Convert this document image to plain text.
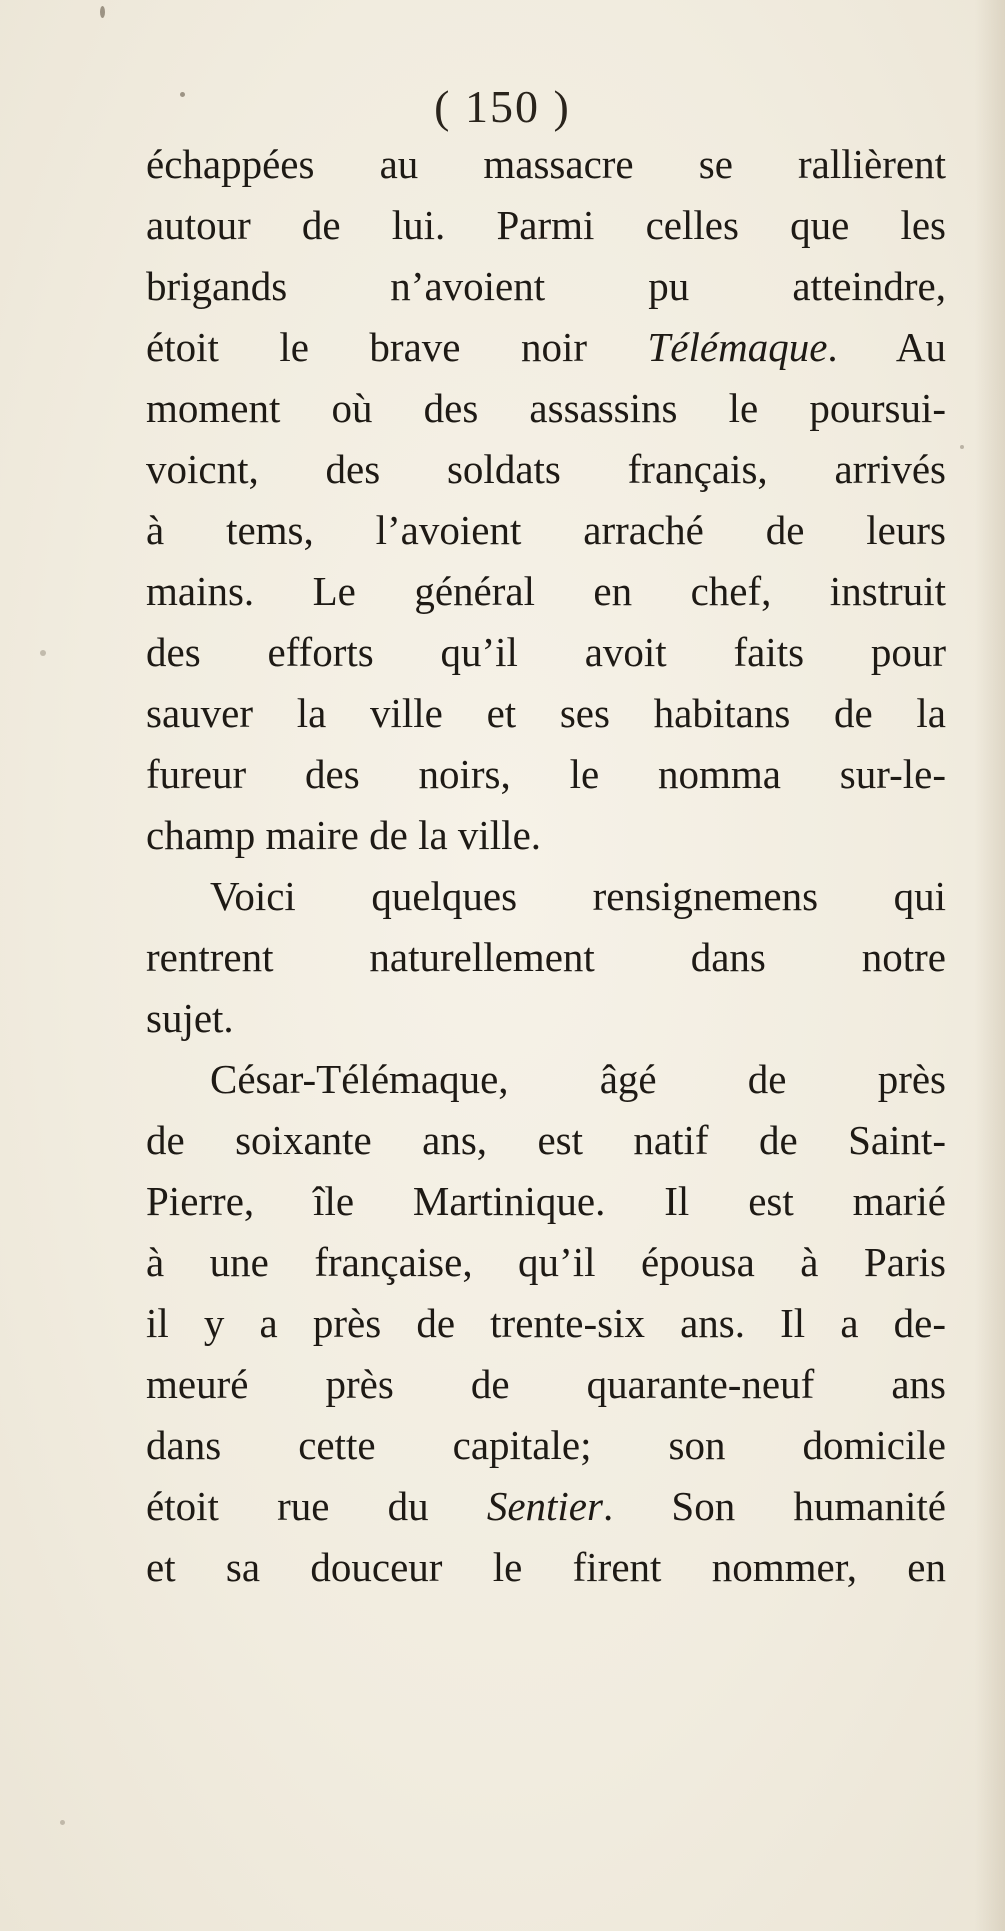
( 150 )
échappées au massacre se rallièrent
autour de lui. Parmi celles que les
brigands n’avoient pu atteindre,
étoit le brave noir Télémaque. Au
moment où des assassins le poursui-
voicnt, des soldats français, arrivés
à tems, l’avoient arraché de leurs
mains. Le général en chef, instruit
des efforts qu’il avoit faits pour
sauver la ville et ses habitans de la
fureur des noirs, le nomma sur-le-
champ maire de la ville.
Voici quelques rensignemens qui
rentrent naturellement dans notre
sujet.
César-Télémaque, âgé de près
de soixante ans, est natif de Saint-
Pierre, île Martinique. Il est marié
à une française, qu’il épousa à Paris
il y a près de trente-six ans. Il a de-
meuré près de quarante-neuf ans
dans cette capitale; son domicile
étoit rue du Sentier. Son humanité
et sa douceur le firent nommer, en
